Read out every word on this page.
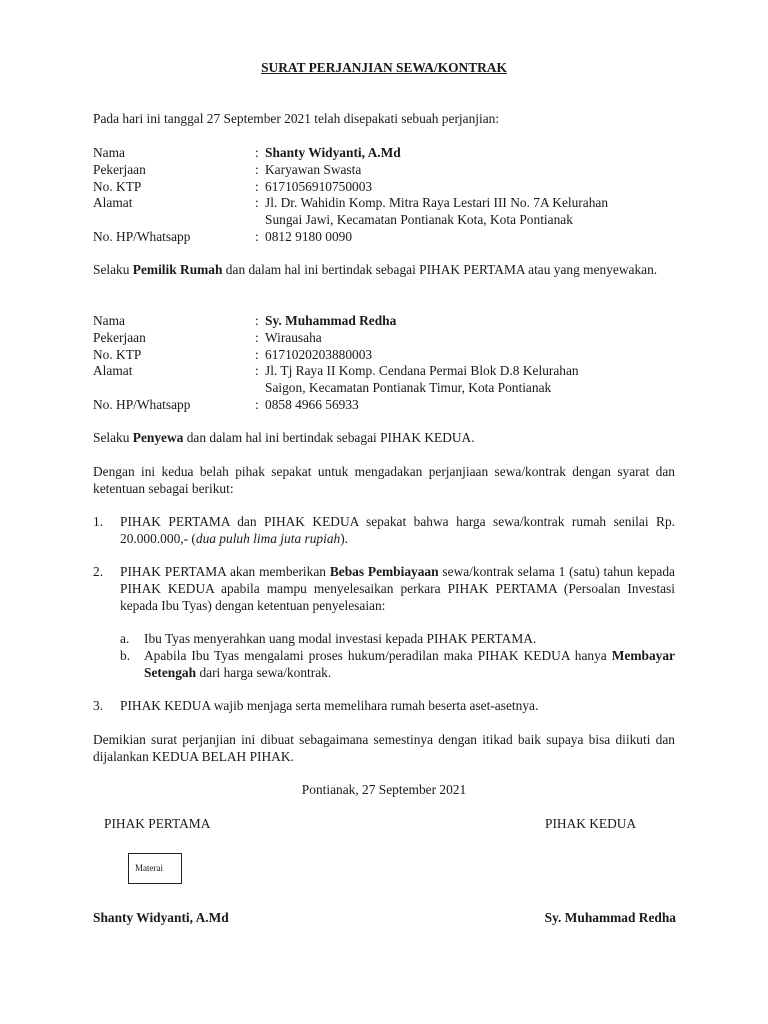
SURAT PERJANJIAN SEWA/KONTRAK
Pada hari ini tanggal 27 September 2021 telah disepakati sebuah perjanjian:
Nama	: Shanty Widyanti, A.Md
Pekerjaan	: Karyawan Swasta
No. KTP	: 6171056910750003
Alamat	: Jl. Dr. Wahidin Komp. Mitra Raya Lestari III No. 7A Kelurahan
Sungai Jawi, Kecamatan Pontianak Kota, Kota Pontianak
No. HP/Whatsapp	: 0812 9180 0090
Selaku Pemilik Rumah dan dalam hal ini bertindak sebagai PIHAK PERTAMA atau yang menyewakan.
Nama	: Sy. Muhammad Redha
Pekerjaan	: Wirausaha
No. KTP	: 6171020203880003
Alamat	: Jl. Tj Raya II Komp. Cendana Permai Blok D.8 Kelurahan
Saigon, Kecamatan Pontianak Timur, Kota Pontianak
No. HP/Whatsapp	: 0858 4966 56933
Selaku Penyewa dan dalam hal ini bertindak sebagai PIHAK KEDUA.
Dengan ini kedua belah pihak sepakat untuk mengadakan perjanjiaan sewa/kontrak dengan syarat dan ketentuan sebagai berikut:
1. PIHAK PERTAMA dan PIHAK KEDUA sepakat bahwa harga sewa/kontrak rumah senilai Rp. 20.000.000,- (dua puluh lima juta rupiah).
2. PIHAK PERTAMA akan memberikan Bebas Pembiayaan sewa/kontrak selama 1 (satu) tahun kepada PIHAK KEDUA apabila mampu menyelesaikan perkara PIHAK PERTAMA (Persoalan Investasi kepada Ibu Tyas) dengan ketentuan penyelesaian:
a. Ibu Tyas menyerahkan uang modal investasi kepada PIHAK PERTAMA.
b. Apabila Ibu Tyas mengalami proses hukum/peradilan maka PIHAK KEDUA hanya Membayar Setengah dari harga sewa/kontrak.
3. PIHAK KEDUA wajib menjaga serta memelihara rumah beserta aset-asetnya.
Demikian surat perjanjian ini dibuat sebagaimana semestinya dengan itikad baik supaya bisa diikuti dan dijalankan KEDUA BELAH PIHAK.
Pontianak, 27 September 2021
PIHAK PERTAMA	PIHAK KEDUA
Materai
Shanty Widyanti, A.Md	Sy. Muhammad Redha
